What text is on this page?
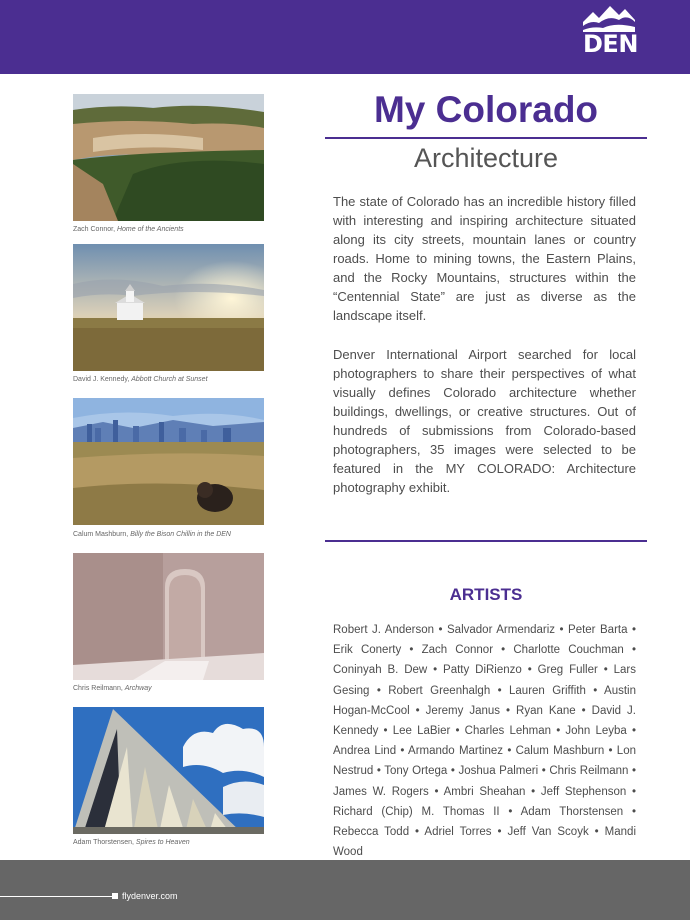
DEN
Zach Connor, Home of the Ancients
David J. Kennedy, Abbott Church at Sunset
Calum Mashburn, Billy the Bison Chillin in the DEN
Chris Reilmann, Archway
Adam Thorstensen, Spires to Heaven
My Colorado
Architecture

The state of Colorado has an incredible history filled with interesting and inspiring architecture situated along its city streets, mountain lanes or country roads. Home to mining towns, the Eastern Plains, and the Rocky Mountains, structures within the “Centennial State” are just as diverse as the landscape itself.

Denver International Airport searched for local photographers to share their perspectives of what visually defines Colorado architecture whether buildings, dwellings, or creative structures. Out of hundreds of submissions from Colorado-based photographers, 35 images were selected to be featured in the MY COLORADO: Architecture photography exhibit.

ARTISTS

Robert J. Anderson • Salvador Armendariz • Peter Barta • Erik Conerty • Zach Connor • Charlotte Couchman • Coninyah B. Dew • Patty DiRienzo • Greg Fuller • Lars Gesing • Robert Greenhalgh • Lauren Griffith • Austin Hogan-McCool • Jeremy Janus • Ryan Kane • David J. Kennedy • Lee LaBier • Charles Lehman • John Leyba • Andrea Lind • Armando Martinez • Calum Mashburn • Lon Nestrud • Tony Ortega • Joshua Palmeri • Chris Reilmann • James W. Rogers • Ambri Sheahan • Jeff Stephenson • Richard (Chip) M. Thomas II • Adam Thorstensen • Rebecca Todd • Adriel Torres • Jeff Van Scoyk • Mandi Wood

flydenver.com
